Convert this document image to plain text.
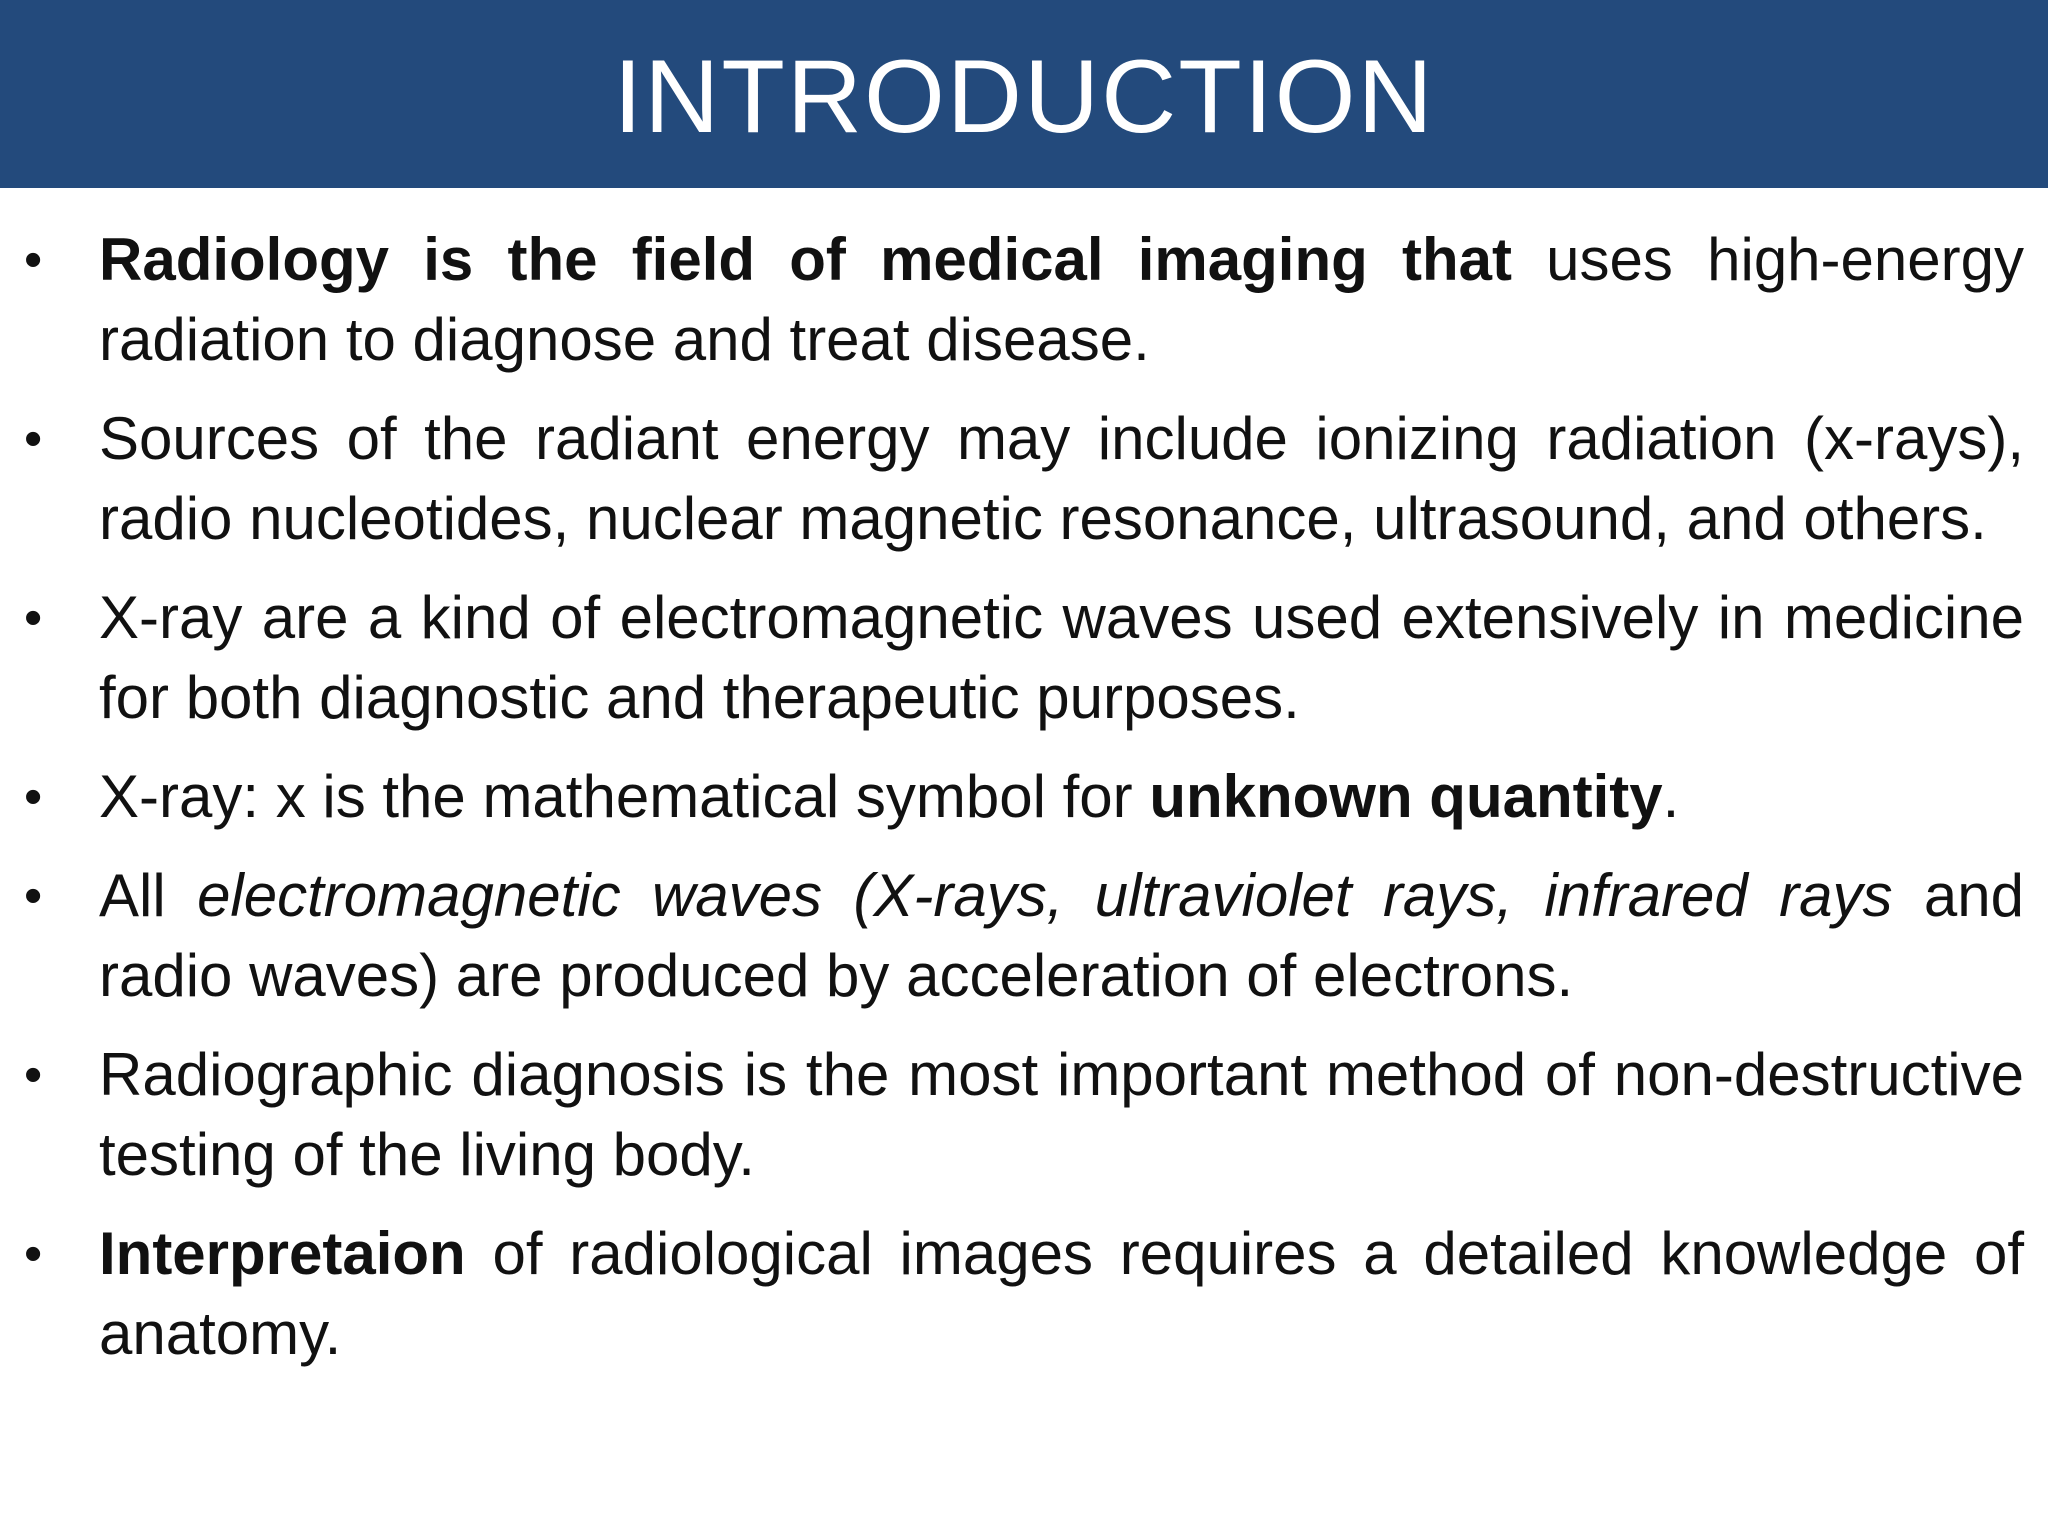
INTRODUCTION
• Radiology is the field of medical imaging that uses high-energy radiation to diagnose and treat disease.
• Sources of the radiant energy may include ionizing radiation (x-rays), radio nucleotides, nuclear magnetic resonance, ultrasound, and others.
• X-ray are a kind of electromagnetic waves used extensively in medicine for both diagnostic and therapeutic purposes.
• X-ray: x is the mathematical symbol for unknown quantity.
• All electromagnetic waves (X-rays, ultraviolet rays, infrared rays and radio waves) are produced by acceleration of electrons.
• Radiographic diagnosis is the most important method of non-destructive testing of the living body.
• Interpretaion of radiological images requires a detailed knowledge of anatomy.
